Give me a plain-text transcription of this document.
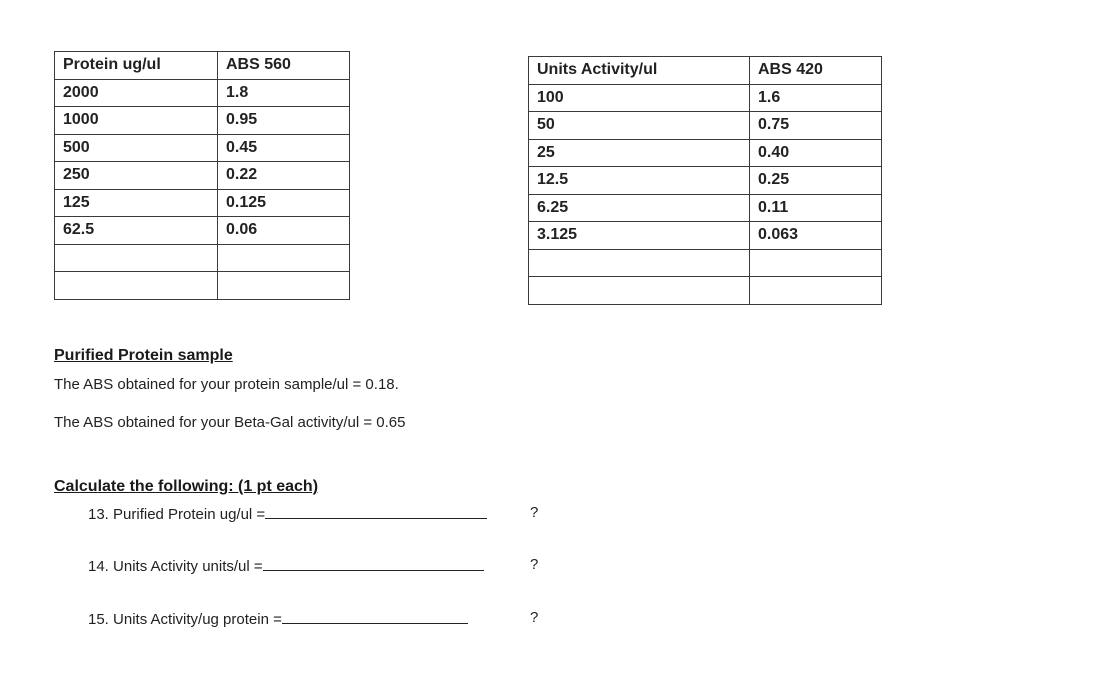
Protein ug/ul	ABS 560
2000	1.8
1000	0.95
500	0.45
250	0.22
125	0.125
62.5	0.06

Units Activity/ul	ABS 420
100	1.6
50	0.75
25	0.40
12.5	0.25
6.25	0.11
3.125	0.063

Purified Protein sample
The ABS obtained for your protein sample/ul = 0.18.
The ABS obtained for your Beta-Gal activity/ul = 0.65
Calculate the following: (1 pt each)
13. Purified Protein ug/ul =	?
14. Units Activity units/ul =	?
15. Units Activity/ug protein =	?
